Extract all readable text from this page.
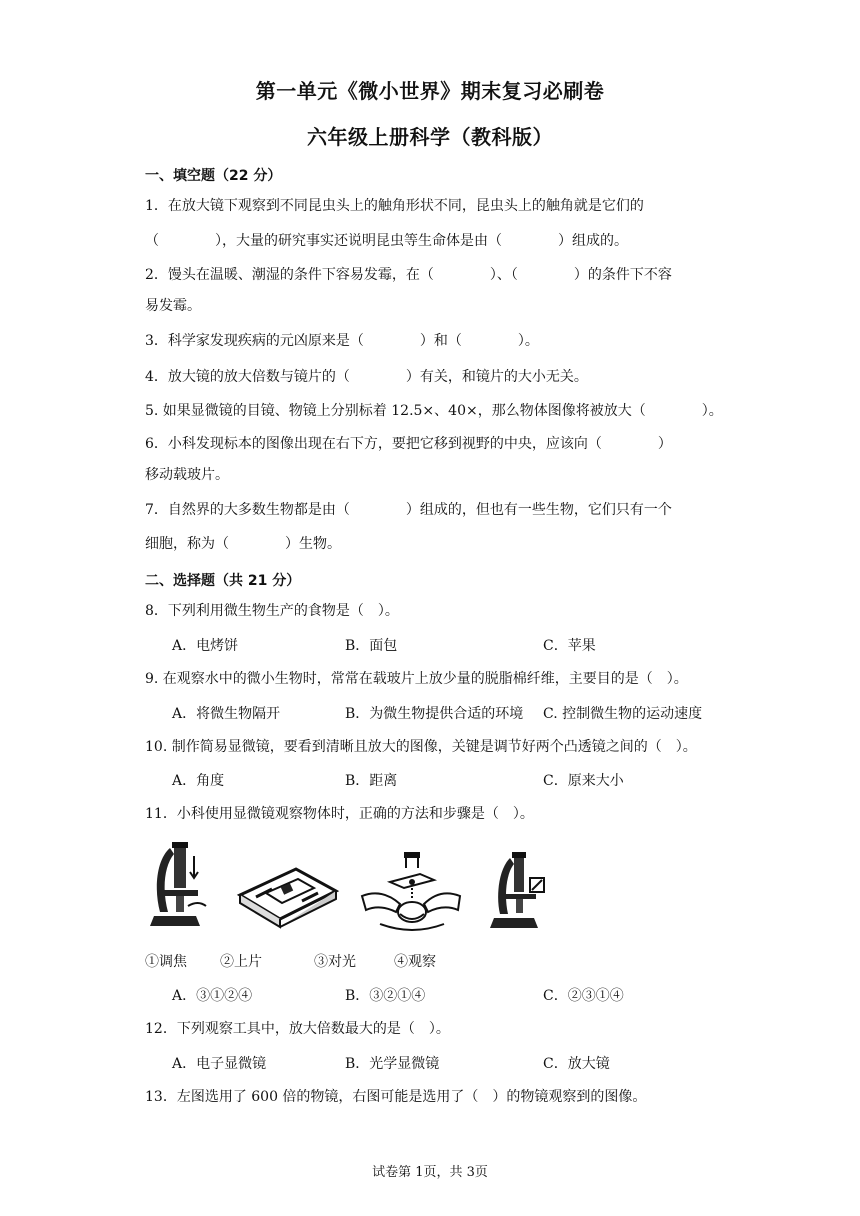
第一单元《微小世界》期末复习必刷卷
六年级上册科学（教科版）
一、填空题（22 分）
1．在放大镜下观察到不同昆虫头上的触角形状不同，昆虫头上的触角就是它们的
（　　　　），大量的研究事实还说明昆虫等生命体是由（　　　　）组成的。
2．馒头在温暖、潮湿的条件下容易发霉，在（　　　　）、（　　　　）的条件下不容
易发霉。
3．科学家发现疾病的元凶原来是（　　　　）和（　　　　）。
4．放大镜的放大倍数与镜片的（　　　　）有关，和镜片的大小无关。
5. 如果显微镜的目镜、物镜上分别标着 12.5×、40×，那么物体图像将被放大（　　　　）。
6．小科发现标本的图像出现在右下方，要把它移到视野的中央，应该向（　　　　）
移动载玻片。
7．自然界的大多数生物都是由（　　　　）组成的，但也有一些生物，它们只有一个
细胞，称为（　　　　）生物。
二、选择题（共 21 分）
8．下列利用微生物生产的食物是（　）。
A．电烤饼	B．面包	C．苹果
9. 在观察水中的微小生物时，常常在载玻片上放少量的脱脂棉纤维，主要目的是（　）。
A．将微生物隔开	B．为微生物提供合适的环境 C. 控制微生物的运动速度
10. 制作简易显微镜，要看到清晰且放大的图像，关键是调节好两个凸透镜之间的（　）。
A．角度	B．距离	C．原来大小
11．小科使用显微镜观察物体时，正确的方法和步骤是（　）。
①调焦 ②上片	③对光	④观察
A．③①②④	B．③②①④	C．②③①④
12．下列观察工具中，放大倍数最大的是（　）。
A．电子显微镜	B．光学显微镜	C．放大镜
13．左图选用了 600 倍的物镜，右图可能是选用了（　）的物镜观察到的图像。
试卷第 1页，共 3页
